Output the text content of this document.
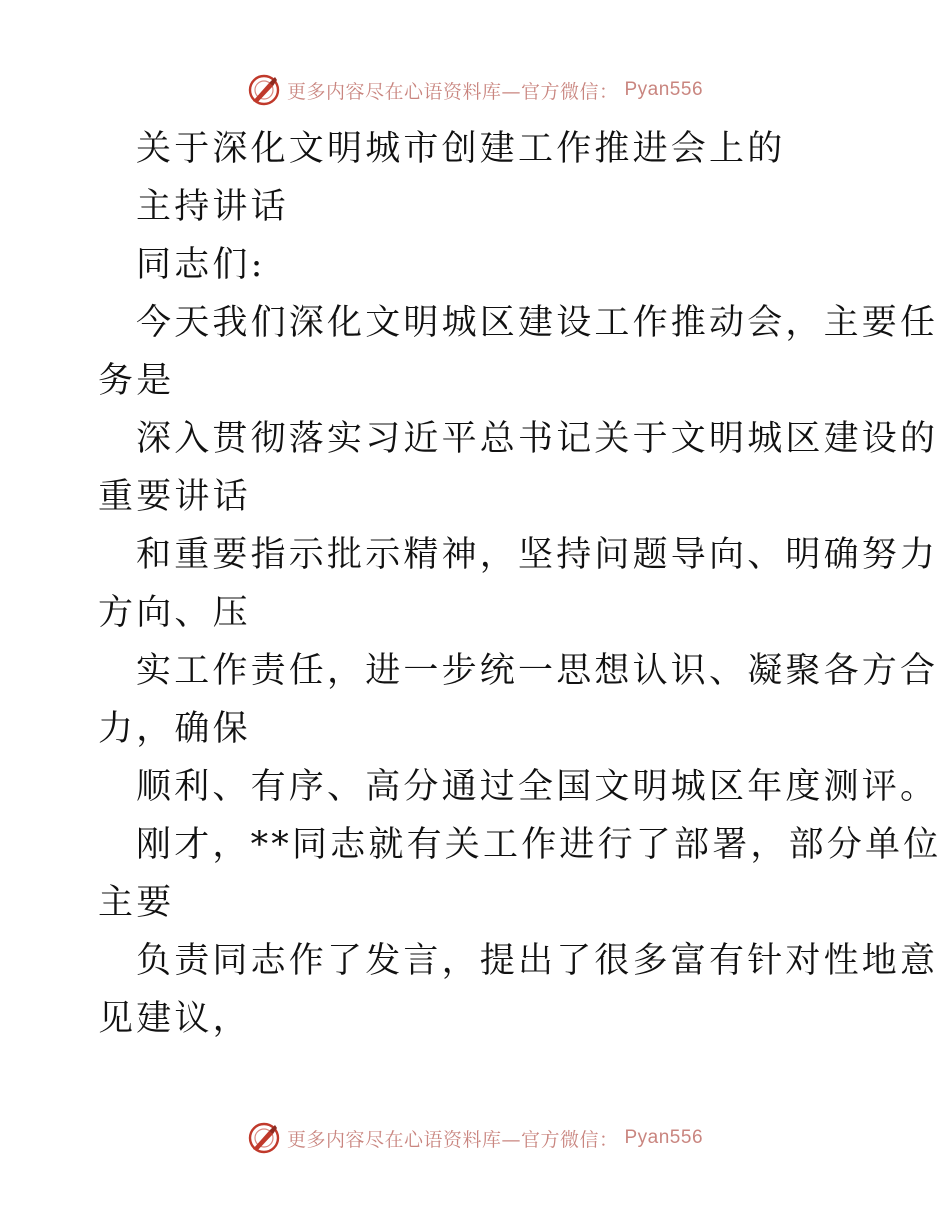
更多内容尽在心语资料库—官方微信： Pyan556
关于深化文明城市创建工作推进会上的
主持讲话
同志们:
今天我们深化文明城区建设工作推动会，主要任
务是
深入贯彻落实习近平总书记关于文明城区建设的
重要讲话
和重要指示批示精神，坚持问题导向、明确努力
方向、压
实工作责任，进一步统一思想认识、凝聚各方合
力，确保
顺利、有序、高分通过全国文明城区年度测评。
刚才，**同志就有关工作进行了部署，部分单位
主要
负责同志作了发言，提出了很多富有针对性地意
见建议，
更多内容尽在心语资料库—官方微信： Pyan556
